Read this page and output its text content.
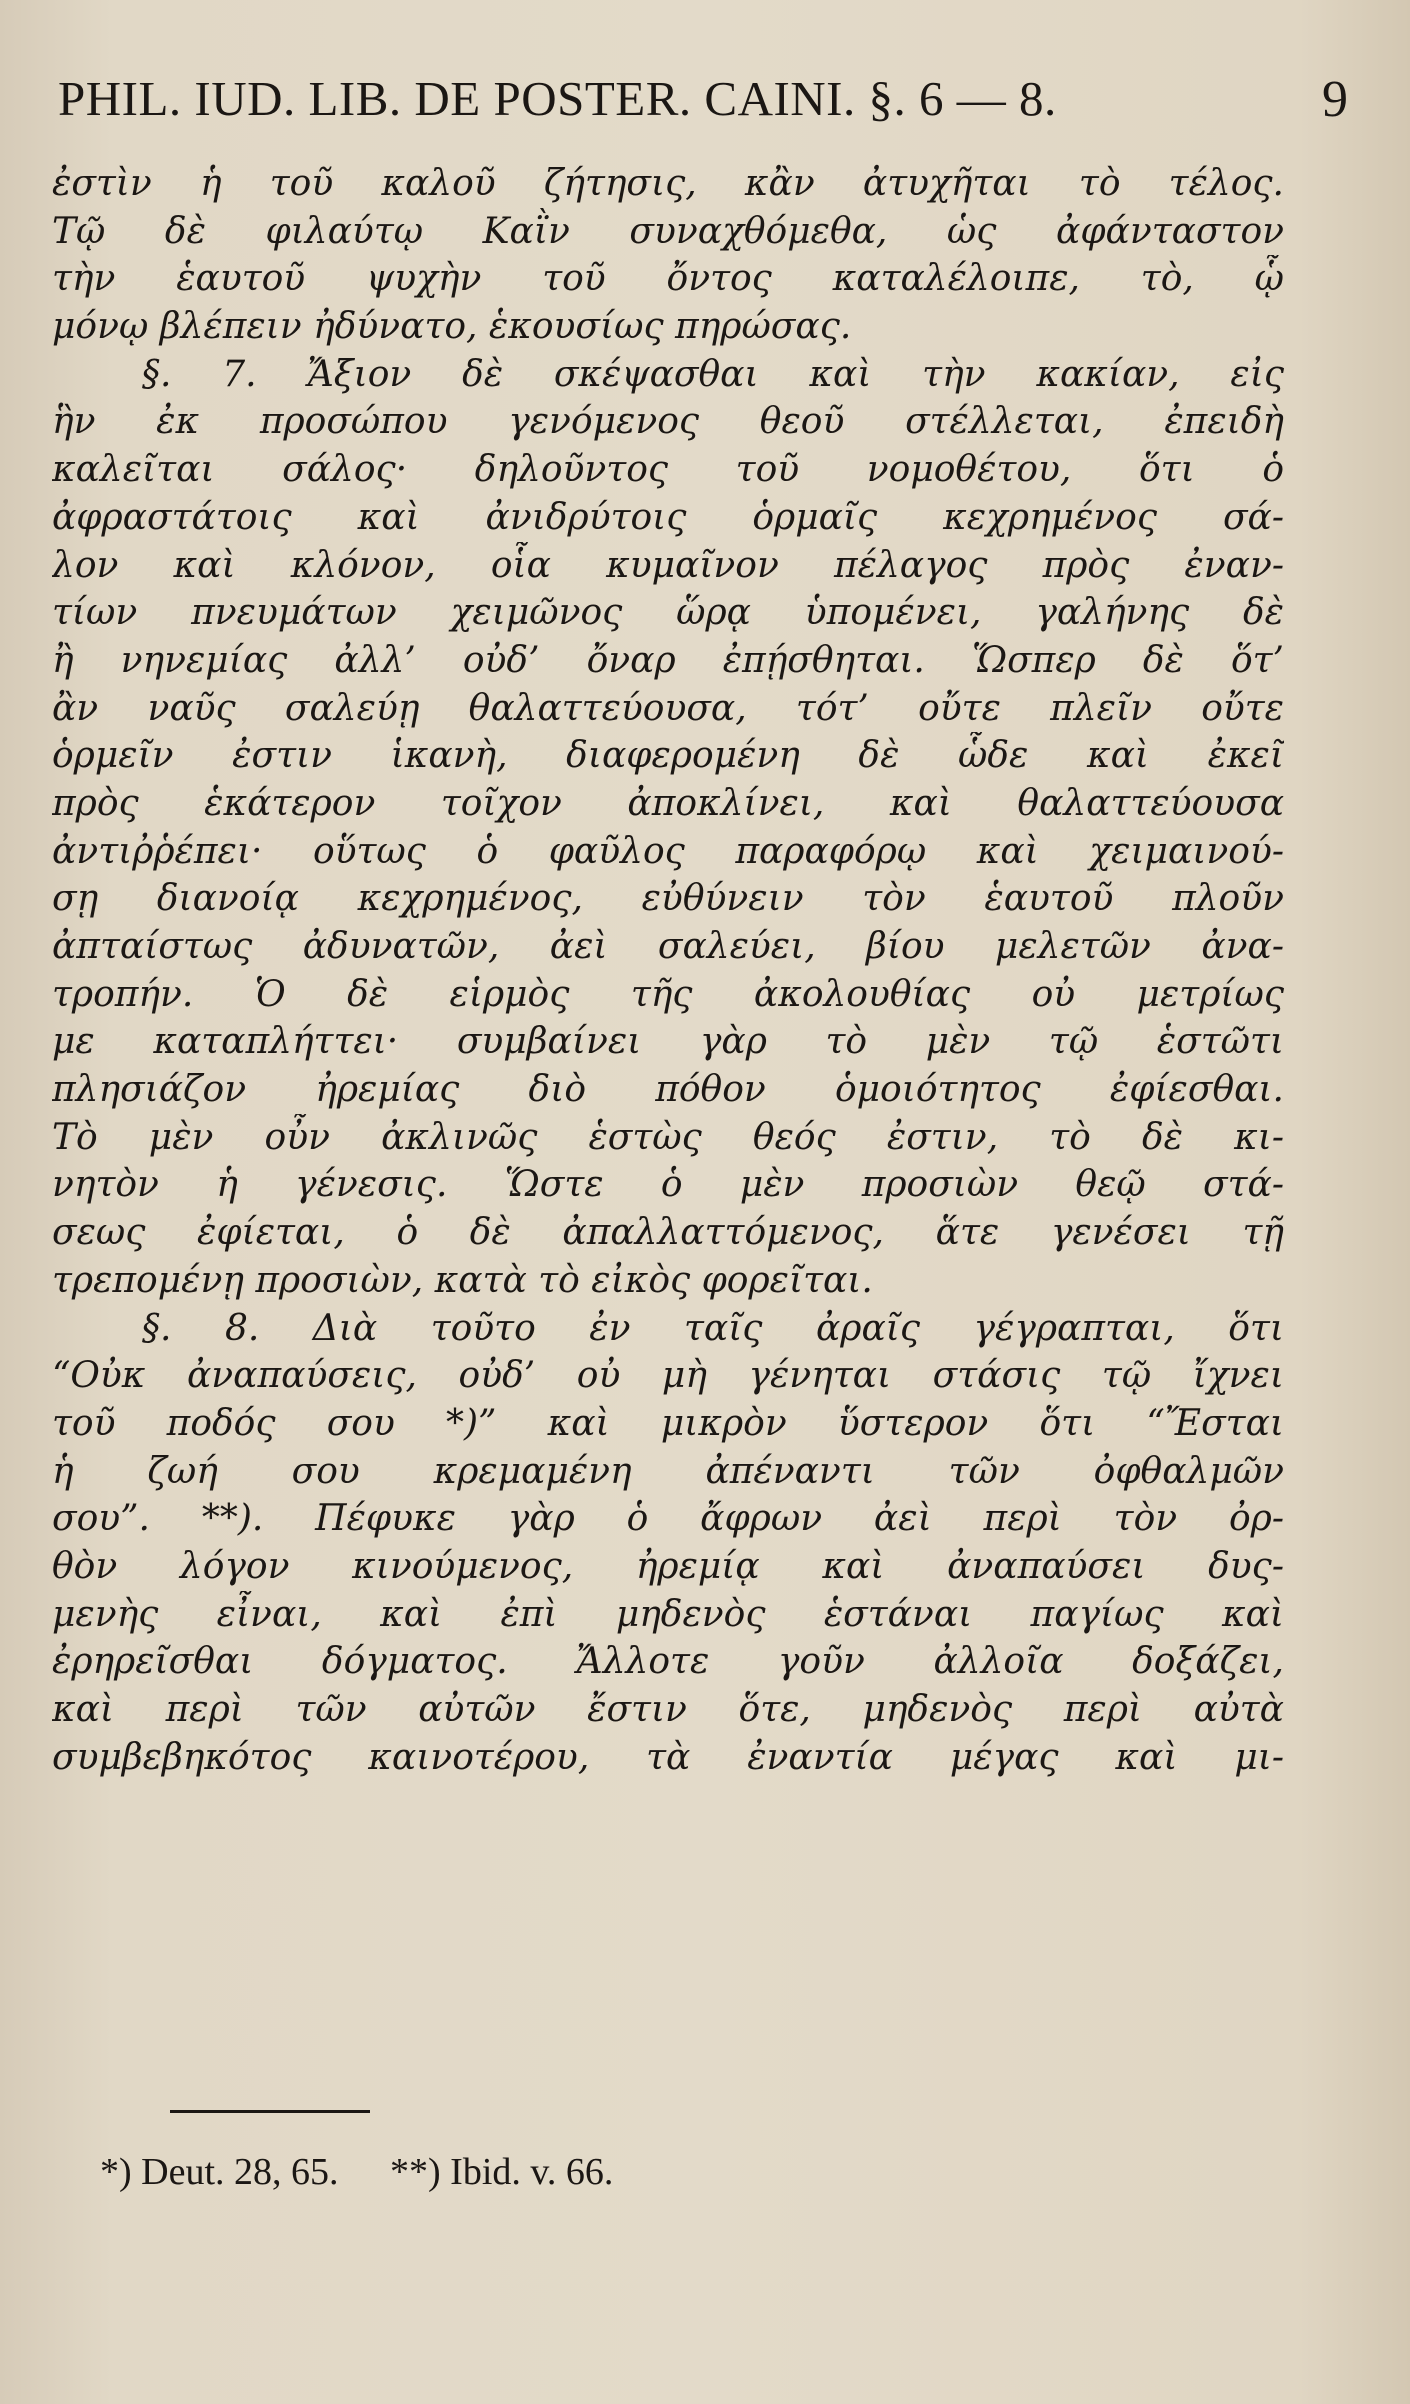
PHIL. IUD. LIB. DE POSTER. CAINI. §. 6 — 8.	9
ἐστὶν ἡ τοῦ καλοῦ ζήτησις, κἂν ἀτυχῆται τὸ τέλος.
Τῷ δὲ φιλαύτῳ Καῒν συναχθόμεθα, ὡς ἀφάνταστον
τὴν ἑαυτοῦ ψυχὴν τοῦ ὄντος καταλέλοιπε, τὸ, ᾧ
μόνῳ βλέπειν ἠδύνατο, ἑκουσίως πηρώσας.
§. 7. Ἄξιον δὲ σκέψασθαι καὶ τὴν κακίαν, εἰς
ἣν ἐκ προσώπου γενόμενος θεοῦ στέλλεται, ἐπειδὴ
καλεῖται σάλος· δηλοῦντος τοῦ νομοθέτου, ὅτι ὁ
ἀφραστάτοις καὶ ἀνιδρύτοις ὁρμαῖς κεχρημένος σά-
λον καὶ κλόνον, οἷα κυμαῖνον πέλαγος πρὸς ἐναν-
τίων πνευμάτων χειμῶνος ὥρᾳ ὑπομένει, γαλήνης δὲ
ἢ νηνεμίας ἀλλ’ οὐδ’ ὄναρ ἐπῄσθηται. Ὥσπερ δὲ ὅτ’
ἂν ναῦς σαλεύῃ θαλαττεύουσα, τότ’ οὔτε πλεῖν οὔτε
ὁρμεῖν ἐστιν ἱκανὴ, διαφερομένη δὲ ὧδε καὶ ἐκεῖ
πρὸς ἑκάτερον τοῖχον ἀποκλίνει, καὶ θαλαττεύουσα
ἀντιῤῥέπει· οὕτως ὁ φαῦλος παραφόρῳ καὶ χειμαινού-
σῃ διανοίᾳ κεχρημένος, εὐθύνειν τὸν ἑαυτοῦ πλοῦν
ἀπταίστως ἀδυνατῶν, ἀεὶ σαλεύει, βίου μελετῶν ἀνα-
τροπήν. Ὁ δὲ εἱρμὸς τῆς ἀκολουθίας οὐ μετρίως
με καταπλήττει· συμβαίνει γὰρ τὸ μὲν τῷ ἑστῶτι
πλησιάζον ἠρεμίας διὸ πόθον ὁμοιότητος ἐφίεσθαι.
Τὸ μὲν οὖν ἀκλινῶς ἑστὼς θεός ἐστιν, τὸ δὲ κι-
νητὸν ἡ γένεσις. Ὥστε ὁ μὲν προσιὼν θεῷ στά-
σεως ἐφίεται, ὁ δὲ ἀπαλλαττόμενος, ἅτε γενέσει τῇ
τρεπομένῃ προσιὼν, κατὰ τὸ εἰκὸς φορεῖται.
§. 8. Διὰ τοῦτο ἐν ταῖς ἀραῖς γέγραπται, ὅτι
“Οὐκ ἀναπαύσεις, οὐδ’ οὐ μὴ γένηται στάσις τῷ ἴχνει
τοῦ ποδός σου *)” καὶ μικρὸν ὕστερον ὅτι “Ἔσται
ἡ ζωή σου κρεμαμένη ἀπέναντι τῶν ὀφθαλμῶν
σου”. **). Πέφυκε γὰρ ὁ ἄφρων ἀεὶ περὶ τὸν ὀρ-
θὸν λόγον κινούμενος, ἠρεμίᾳ καὶ ἀναπαύσει δυς-
μενὴς εἶναι, καὶ ἐπὶ μηδενὸς ἑστάναι παγίως καὶ
ἐρηρεῖσθαι δόγματος. Ἄλλοτε γοῦν ἀλλοῖα δοξάζει,
καὶ περὶ τῶν αὐτῶν ἔστιν ὅτε, μηδενὸς περὶ αὐτὰ
συμβεβηκότος καινοτέρου, τὰ ἐναντία μέγας καὶ μι-
*) Deut. 28, 65. **) Ibid. v. 66.
